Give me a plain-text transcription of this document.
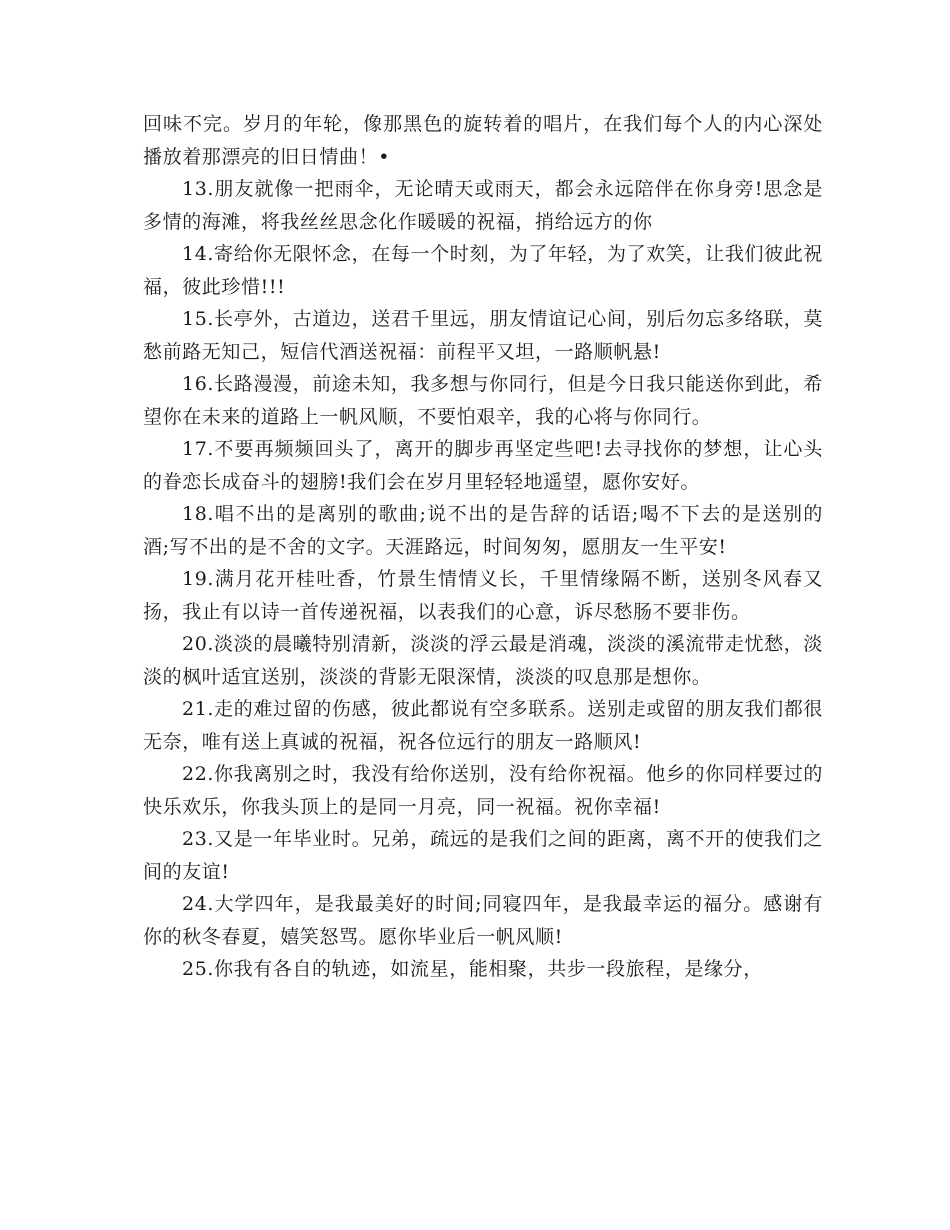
回味不完。岁月的年轮，像那黑色的旋转着的唱片，在我们每个人的内心深处播放着那漂亮的旧日情曲！•

13.朋友就像一把雨伞，无论晴天或雨天，都会永远陪伴在你身旁!思念是多情的海滩，将我丝丝思念化作暖暖的祝福，捎给远方的你

14.寄给你无限怀念，在每一个时刻，为了年轻，为了欢笑，让我们彼此祝福，彼此珍惜!!!

15.长亭外，古道边，送君千里远，朋友情谊记心间，别后勿忘多络联，莫愁前路无知己，短信代酒送祝福：前程平又坦，一路顺帆悬!

16.长路漫漫，前途未知，我多想与你同行，但是今日我只能送你到此，希望你在未来的道路上一帆风顺，不要怕艰辛，我的心将与你同行。

17.不要再频频回头了，离开的脚步再坚定些吧!去寻找你的梦想，让心头的眷恋长成奋斗的翅膀!我们会在岁月里轻轻地遥望，愿你安好。

18.唱不出的是离别的歌曲;说不出的是告辞的话语;喝不下去的是送别的酒;写不出的是不舍的文字。天涯路远，时间匆匆，愿朋友一生平安!

19.满月花开桂吐香，竹景生情情义长，千里情缘隔不断，送别冬风春又扬，我止有以诗一首传递祝福，以表我们的心意，诉尽愁肠不要非伤。

20.淡淡的晨曦特别清新，淡淡的浮云最是消魂，淡淡的溪流带走忧愁，淡淡的枫叶适宜送别，淡淡的背影无限深情，淡淡的叹息那是想你。

21.走的难过留的伤感，彼此都说有空多联系。送别走或留的朋友我们都很无奈，唯有送上真诚的祝福，祝各位远行的朋友一路顺风!

22.你我离别之时，我没有给你送别，没有给你祝福。他乡的你同样要过的快乐欢乐，你我头顶上的是同一月亮，同一祝福。祝你幸福!

23.又是一年毕业时。兄弟，疏远的是我们之间的距离，离不开的使我们之间的友谊!

24.大学四年，是我最美好的时间;同寝四年，是我最幸运的福分。感谢有你的秋冬春夏，嬉笑怒骂。愿你毕业后一帆风顺!

25.你我有各自的轨迹，如流星，能相聚，共步一段旅程，是缘分，
